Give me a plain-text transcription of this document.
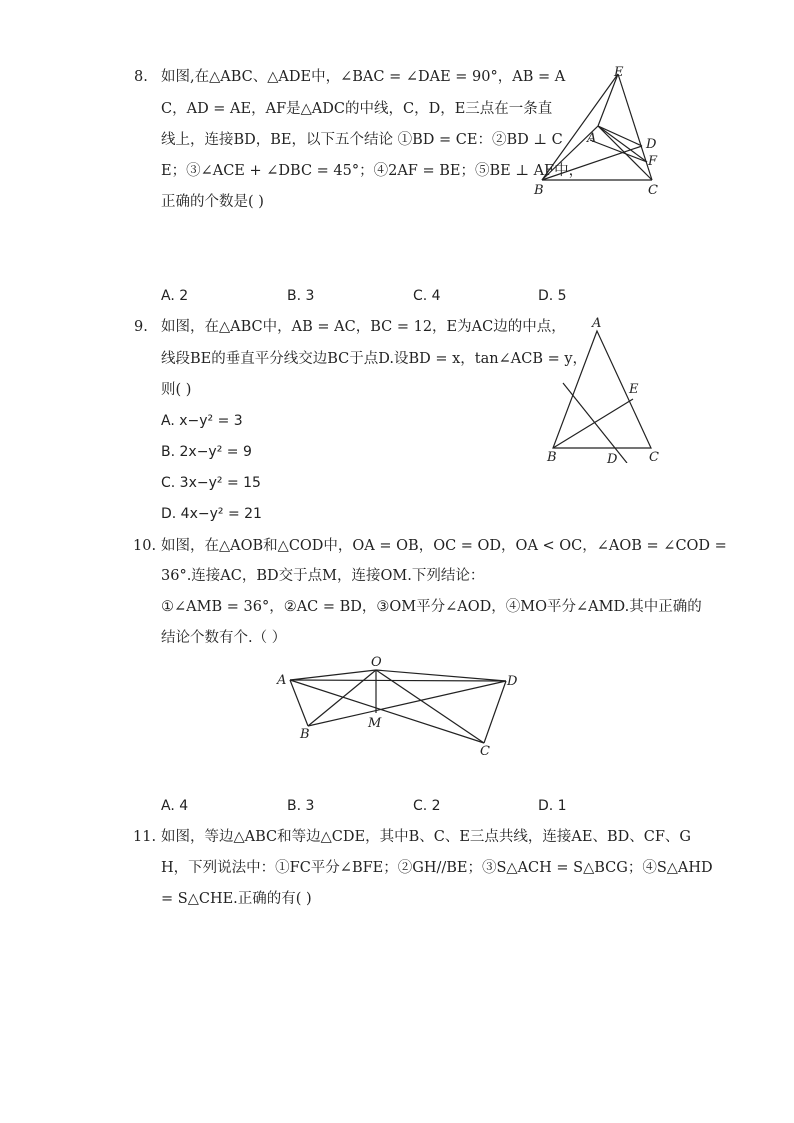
8. 如图,在△ABC、△ADE中，∠BAC = ∠DAE = 90°，AB = A
C，AD = AE，AF是△ADC的中线，C，D，E三点在一条直
线上，连接BD，BE，以下五个结论 ①BD = CE：②BD ⊥ C
E；③∠ACE + ∠DBC = 45°；④2AF = BE；⑤BE ⊥ AF中，
正确的个数是( )
E
A	D
F
B	C
A. 2	B. 3	C. 4	D. 5
9. 如图，在△ABC中，AB = AC，BC = 12，E为AC边的中点，
线段BE的垂直平分线交边BC于点D.设BD = x，tan∠ACB = y，
则( )
A. x−y² = 3
B. 2x−y² = 9
C. 3x−y² = 15
D. 4x−y² = 21
A
E
B	D C
10. 如图，在△AOB和△COD中，OA = OB，OC = OD，OA < OC，∠AOB = ∠COD =
36°.连接AC，BD交于点M，连接OM.下列结论：
①∠AMB = 36°，②AC = BD，③OM平分∠AOD，④MO平分∠AMD.其中正确的
结论个数有个.（ ）
O
A	D
B
M
C
A. 4	B. 3	C. 2	D. 1
11. 如图，等边△ABC和等边△CDE，其中B、C、E三点共线，连接AE、BD、CF、G
H，下列说法中：①FC平分∠BFE；②GH//BE；③S△ACH = S△BCG；④S△AHD
= S△CHE.正确的有( )
